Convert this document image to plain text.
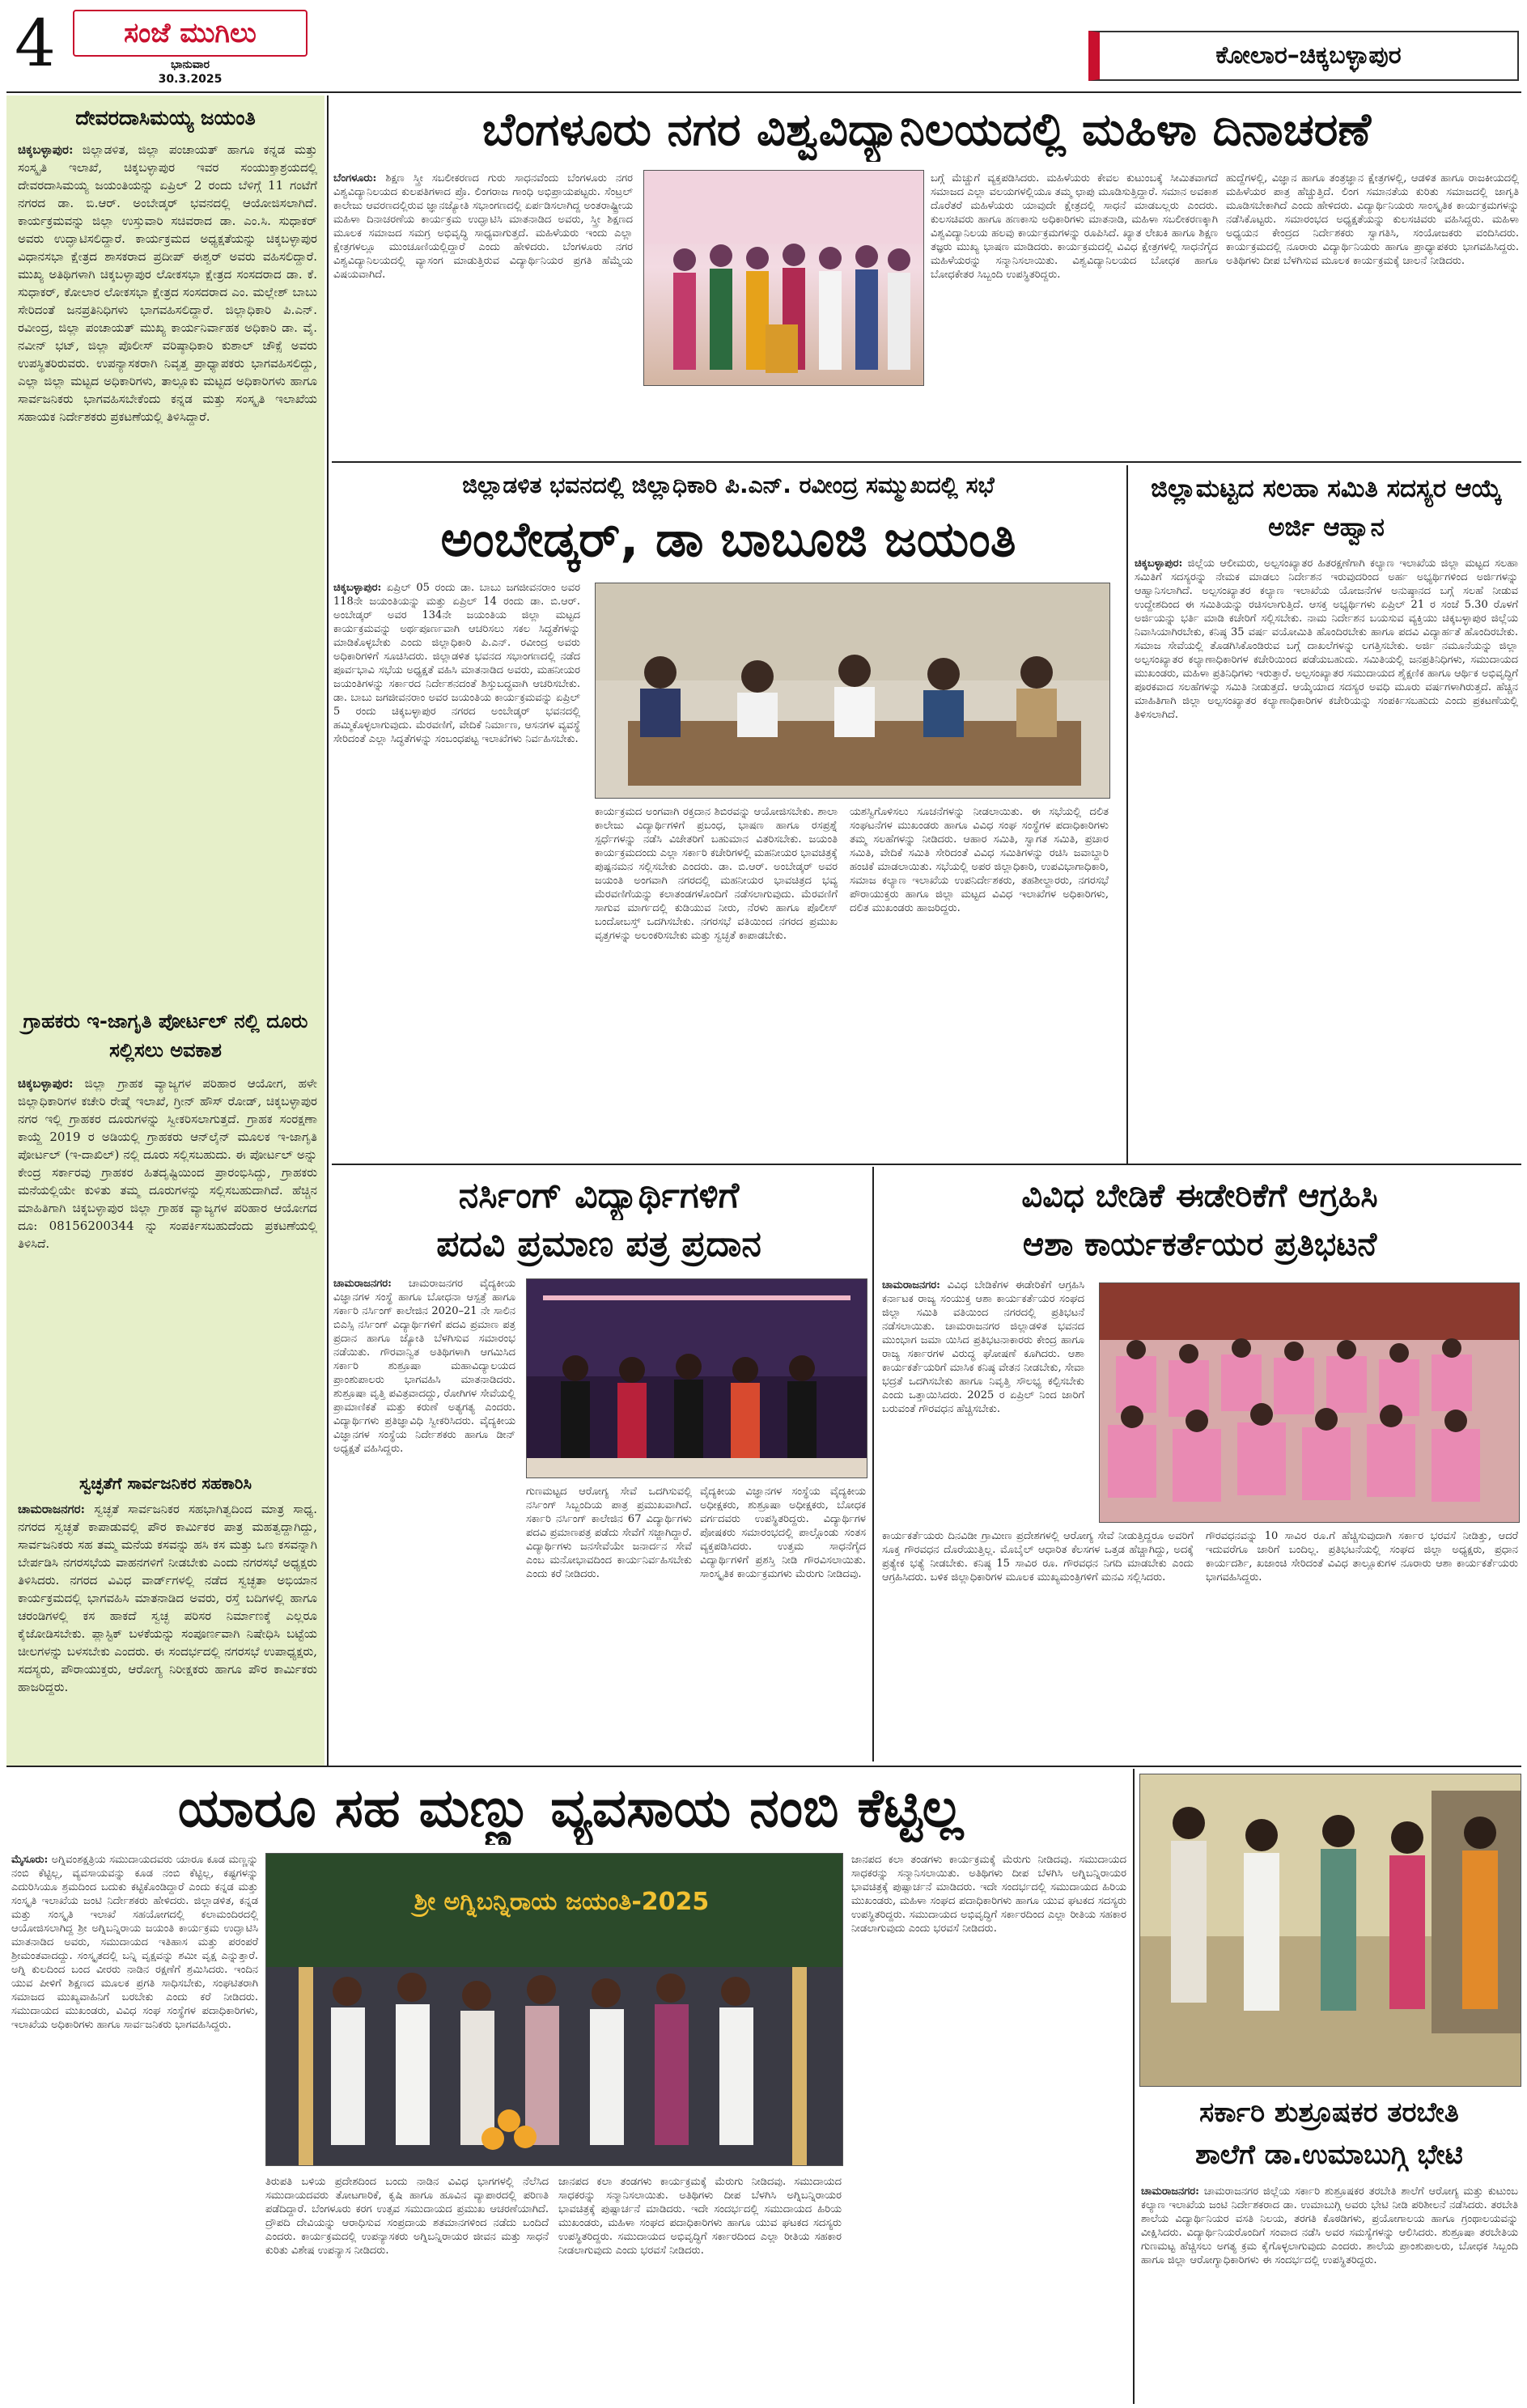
4	ಸಂಜೆ ಮುಗಿಲು
ಭಾನುವಾರ
30.3.2025
ಕೋಲಾರ–ಚಿಕ್ಕಬಳ್ಳಾಪುರ
ದೇವರದಾಸಿಮಯ್ಯ ಜಯಂತಿ
ಚಿಕ್ಕಬಳ್ಳಾಪುರ: ಜಿಲ್ಲಾಡಳಿತ, ಜಿಲ್ಲಾ ಪಂಚಾಯತ್ ಹಾಗೂ ಕನ್ನಡ ಮತ್ತು ಸಂಸ್ಕೃತಿ ಇಲಾಖೆ, ಚಿಕ್ಕಬಳ್ಳಾಪುರ ಇವರ ಸಂಯುಕ್ತಾಶ್ರಯದಲ್ಲಿ ದೇವರದಾಸಿಮಯ್ಯ ಜಯಂತಿಯನ್ನು ಏಪ್ರಿಲ್ 2 ರಂದು ಬೆಳಿಗ್ಗೆ 11 ಗಂಟೆಗೆ ನಗರದ ಡಾ. ಬಿ.ಆರ್. ಅಂಬೇಡ್ಕರ್ ಭವನದಲ್ಲಿ ಆಯೋಜಿಸಲಾಗಿದೆ. ಕಾರ್ಯಕ್ರಮವನ್ನು ಜಿಲ್ಲಾ ಉಸ್ತುವಾರಿ ಸಚಿವರಾದ ಡಾ. ಎಂ.ಸಿ. ಸುಧಾಕರ್ ಅವರು ಉದ್ಘಾಟಿಸಲಿದ್ದಾರೆ. ಕಾರ್ಯಕ್ರಮದ ಅಧ್ಯಕ್ಷತೆಯನ್ನು ಚಿಕ್ಕಬಳ್ಳಾಪುರ ವಿಧಾನಸಭಾ ಕ್ಷೇತ್ರದ ಶಾಸಕರಾದ ಪ್ರದೀಪ್ ಈಶ್ವರ್ ಅವರು ವಹಿಸಲಿದ್ದಾರೆ. ಮುಖ್ಯ ಅತಿಥಿಗಳಾಗಿ ಚಿಕ್ಕಬಳ್ಳಾಪುರ ಲೋಕಸಭಾ ಕ್ಷೇತ್ರದ ಸಂಸದರಾದ ಡಾ. ಕೆ. ಸುಧಾಕರ್, ಕೋಲಾರ ಲೋಕಸಭಾ ಕ್ಷೇತ್ರದ ಸಂಸದರಾದ ಎಂ. ಮಲ್ಲೇಶ್ ಬಾಬು ಸೇರಿದಂತೆ ಜನಪ್ರತಿನಿಧಿಗಳು ಭಾಗವಹಿಸಲಿದ್ದಾರೆ. ಜಿಲ್ಲಾಧಿಕಾರಿ ಪಿ.ಎನ್. ರವೀಂದ್ರ, ಜಿಲ್ಲಾ ಪಂಚಾಯತ್ ಮುಖ್ಯ ಕಾರ್ಯನಿರ್ವಾಹಕ ಅಧಿಕಾರಿ ಡಾ. ವೈ. ನವೀನ್ ಭಟ್, ಜಿಲ್ಲಾ ಪೊಲೀಸ್ ವರಿಷ್ಠಾಧಿಕಾರಿ ಕುಶಾಲ್ ಚೌಕ್ಸೆ ಅವರು ಉಪಸ್ಥಿತರಿರುವರು. ಉಪನ್ಯಾಸಕರಾಗಿ ನಿವೃತ್ತ ಪ್ರಾಧ್ಯಾಪಕರು ಭಾಗವಹಿಸಲಿದ್ದು, ಎಲ್ಲಾ ಜಿಲ್ಲಾ ಮಟ್ಟದ ಅಧಿಕಾರಿಗಳು, ತಾಲ್ಲೂಕು ಮಟ್ಟದ ಅಧಿಕಾರಿಗಳು ಹಾಗೂ ಸಾರ್ವಜನಿಕರು ಭಾಗವಹಿಸಬೇಕೆಂದು ಕನ್ನಡ ಮತ್ತು ಸಂಸ್ಕೃತಿ ಇಲಾಖೆಯ ಸಹಾಯಕ ನಿರ್ದೇಶಕರು ಪ್ರಕಟಣೆಯಲ್ಲಿ ತಿಳಿಸಿದ್ದಾರೆ.
ಗ್ರಾಹಕರು ಇ-ಜಾಗೃತಿ ಪೋರ್ಟಲ್ ನಲ್ಲಿ ದೂರು ಸಲ್ಲಿಸಲು ಅವಕಾಶ
ಚಿಕ್ಕಬಳ್ಳಾಪುರ: ಜಿಲ್ಲಾ ಗ್ರಾಹಕ ವ್ಯಾಜ್ಯಗಳ ಪರಿಹಾರ ಆಯೋಗ, ಹಳೇ ಜಿಲ್ಲಾಧಿಕಾರಿಗಳ ಕಚೇರಿ ರೇಷ್ಮೆ ಇಲಾಖೆ, ಗ್ರೀನ್ ಹೌಸ್ ರೋಡ್, ಚಿಕ್ಕಬಳ್ಳಾಪುರ ನಗರ ಇಲ್ಲಿ ಗ್ರಾಹಕರ ದೂರುಗಳನ್ನು ಸ್ವೀಕರಿಸಲಾಗುತ್ತದೆ. ಗ್ರಾಹಕ ಸಂರಕ್ಷಣಾ ಕಾಯ್ದೆ 2019 ರ ಅಡಿಯಲ್ಲಿ ಗ್ರಾಹಕರು ಆನ್‌ಲೈನ್ ಮೂಲಕ ಇ-ಜಾಗೃತಿ ಪೋರ್ಟಲ್ (ಇ-ದಾಖಿಲ್) ನಲ್ಲಿ ದೂರು ಸಲ್ಲಿಸಬಹುದು. ಈ ಪೋರ್ಟಲ್ ಅನ್ನು ಕೇಂದ್ರ ಸರ್ಕಾರವು ಗ್ರಾಹಕರ ಹಿತದೃಷ್ಟಿಯಿಂದ ಪ್ರಾರಂಭಿಸಿದ್ದು, ಗ್ರಾಹಕರು ಮನೆಯಲ್ಲಿಯೇ ಕುಳಿತು ತಮ್ಮ ದೂರುಗಳನ್ನು ಸಲ್ಲಿಸಬಹುದಾಗಿದೆ. ಹೆಚ್ಚಿನ ಮಾಹಿತಿಗಾಗಿ ಚಿಕ್ಕಬಳ್ಳಾಪುರ ಜಿಲ್ಲಾ ಗ್ರಾಹಕ ವ್ಯಾಜ್ಯಗಳ ಪರಿಹಾರ ಆಯೋಗದ ದೂ: 08156200344 ನ್ನು ಸಂಪರ್ಕಿಸಬಹುದೆಂದು ಪ್ರಕಟಣೆಯಲ್ಲಿ ತಿಳಿಸಿದೆ.
ಸ್ವಚ್ಛತೆಗೆ ಸಾರ್ವಜನಿಕರ ಸಹಕಾರಿಸಿ
ಚಾಮರಾಜನಗರ: ಸ್ವಚ್ಛತೆ ಸಾರ್ವಜನಿಕರ ಸಹಭಾಗಿತ್ವದಿಂದ ಮಾತ್ರ ಸಾಧ್ಯ. ನಗರದ ಸ್ವಚ್ಛತೆ ಕಾಪಾಡುವಲ್ಲಿ ಪೌರ ಕಾರ್ಮಿಕರ ಪಾತ್ರ ಮಹತ್ವದ್ದಾಗಿದ್ದು, ಸಾರ್ವಜನಿಕರು ಸಹ ತಮ್ಮ ಮನೆಯ ಕಸವನ್ನು ಹಸಿ ಕಸ ಮತ್ತು ಒಣ ಕಸವನ್ನಾಗಿ ಬೇರ್ಪಡಿಸಿ ನಗರಸಭೆಯ ವಾಹನಗಳಿಗೆ ನೀಡಬೇಕು ಎಂದು ನಗರಸಭೆ ಅಧ್ಯಕ್ಷರು ತಿಳಿಸಿದರು. ನಗರದ ವಿವಿಧ ವಾರ್ಡ್‌ಗಳಲ್ಲಿ ನಡೆದ ಸ್ವಚ್ಛತಾ ಅಭಿಯಾನ ಕಾರ್ಯಕ್ರಮದಲ್ಲಿ ಭಾಗವಹಿಸಿ ಮಾತನಾಡಿದ ಅವರು, ರಸ್ತೆ ಬದಿಗಳಲ್ಲಿ ಹಾಗೂ ಚರಂಡಿಗಳಲ್ಲಿ ಕಸ ಹಾಕದೆ ಸ್ವಚ್ಛ ಪರಿಸರ ನಿರ್ಮಾಣಕ್ಕೆ ಎಲ್ಲರೂ ಕೈಜೋಡಿಸಬೇಕು. ಪ್ಲಾಸ್ಟಿಕ್ ಬಳಕೆಯನ್ನು ಸಂಪೂರ್ಣವಾಗಿ ನಿಷೇಧಿಸಿ ಬಟ್ಟೆಯ ಚೀಲಗಳನ್ನು ಬಳಸಬೇಕು ಎಂದರು. ಈ ಸಂದರ್ಭದಲ್ಲಿ ನಗರಸಭೆ ಉಪಾಧ್ಯಕ್ಷರು, ಸದಸ್ಯರು, ಪೌರಾಯುಕ್ತರು, ಆರೋಗ್ಯ ನಿರೀಕ್ಷಕರು ಹಾಗೂ ಪೌರ ಕಾರ್ಮಿಕರು ಹಾಜರಿದ್ದರು.
ಬೆಂಗಳೂರು ನಗರ ವಿಶ್ವವಿದ್ಯಾನಿಲಯದಲ್ಲಿ ಮಹಿಳಾ ದಿನಾಚರಣೆ
ಬೆಂಗಳೂರು: ಶಿಕ್ಷಣ ಸ್ತ್ರೀ ಸಬಲೀಕರಣದ ಗುರು ಸಾಧನವೆಂದು ಬೆಂಗಳೂರು ನಗರ ವಿಶ್ವವಿದ್ಯಾನಿಲಯದ ಕುಲಪತಿಗಳಾದ ಪ್ರೊ. ಲಿಂಗರಾಜ ಗಾಂಧಿ ಅಭಿಪ್ರಾಯಪಟ್ಟರು. ಸೆಂಟ್ರಲ್ ಕಾಲೇಜು ಆವರಣದಲ್ಲಿರುವ ಜ್ಞಾನಜ್ಯೋತಿ ಸಭಾಂಗಣದಲ್ಲಿ ಏರ್ಪಡಿಸಲಾಗಿದ್ದ ಅಂತರಾಷ್ಟ್ರೀಯ ಮಹಿಳಾ ದಿನಾಚರಣೆಯ ಕಾರ್ಯಕ್ರಮ ಉದ್ಘಾಟಿಸಿ ಮಾತನಾಡಿದ ಅವರು, ಸ್ತ್ರೀ ಶಿಕ್ಷಣದ ಮೂಲಕ ಸಮಾಜದ ಸಮಗ್ರ ಅಭಿವೃದ್ಧಿ ಸಾಧ್ಯವಾಗುತ್ತದೆ. ಮಹಿಳೆಯರು ಇಂದು ಎಲ್ಲಾ ಕ್ಷೇತ್ರಗಳಲ್ಲೂ ಮುಂಚೂಣಿಯಲ್ಲಿದ್ದಾರೆ ಎಂದು ಹೇಳಿದರು. ಬೆಂಗಳೂರು ನಗರ ವಿಶ್ವವಿದ್ಯಾನಿಲಯದಲ್ಲಿ ವ್ಯಾಸಂಗ ಮಾಡುತ್ತಿರುವ ವಿದ್ಯಾರ್ಥಿನಿಯರ ಪ್ರಗತಿ ಹೆಮ್ಮೆಯ ವಿಷಯವಾಗಿದೆ.
ಬಗ್ಗೆ ಮೆಚ್ಚುಗೆ ವ್ಯಕ್ತಪಡಿಸಿದರು. ಮಹಿಳೆಯರು ಕೇವಲ ಕುಟುಂಬಕ್ಕೆ ಸೀಮಿತವಾಗದೆ ಸಮಾಜದ ಎಲ್ಲಾ ವಲಯಗಳಲ್ಲಿಯೂ ತಮ್ಮ ಛಾಪು ಮೂಡಿಸುತ್ತಿದ್ದಾರೆ. ಸಮಾನ ಅವಕಾಶ ದೊರೆತರೆ ಮಹಿಳೆಯರು ಯಾವುದೇ ಕ್ಷೇತ್ರದಲ್ಲಿ ಸಾಧನೆ ಮಾಡಬಲ್ಲರು ಎಂದರು. ಕುಲಸಚಿವರು ಹಾಗೂ ಹಣಕಾಸು ಅಧಿಕಾರಿಗಳು ಮಾತನಾಡಿ, ಮಹಿಳಾ ಸಬಲೀಕರಣಕ್ಕಾಗಿ ವಿಶ್ವವಿದ್ಯಾನಿಲಯ ಹಲವು ಕಾರ್ಯಕ್ರಮಗಳನ್ನು ರೂಪಿಸಿದೆ. ಖ್ಯಾತ ಲೇಖಕಿ ಹಾಗೂ ಶಿಕ್ಷಣ ತಜ್ಞರು ಮುಖ್ಯ ಭಾಷಣ ಮಾಡಿದರು. ಕಾರ್ಯಕ್ರಮದಲ್ಲಿ ವಿವಿಧ ಕ್ಷೇತ್ರಗಳಲ್ಲಿ ಸಾಧನೆಗೈದ ಮಹಿಳೆಯರನ್ನು ಸನ್ಮಾನಿಸಲಾಯಿತು. ವಿಶ್ವವಿದ್ಯಾನಿಲಯದ ಬೋಧಕ ಹಾಗೂ ಬೋಧಕೇತರ ಸಿಬ್ಬಂದಿ ಉಪಸ್ಥಿತರಿದ್ದರು.
ಹುದ್ದೆಗಳಲ್ಲಿ, ವಿಜ್ಞಾನ ಹಾಗೂ ತಂತ್ರಜ್ಞಾನ ಕ್ಷೇತ್ರಗಳಲ್ಲಿ, ಆಡಳಿತ ಹಾಗೂ ರಾಜಕೀಯದಲ್ಲಿ ಮಹಿಳೆಯರ ಪಾತ್ರ ಹೆಚ್ಚುತ್ತಿದೆ. ಲಿಂಗ ಸಮಾನತೆಯ ಕುರಿತು ಸಮಾಜದಲ್ಲಿ ಜಾಗೃತಿ ಮೂಡಿಸಬೇಕಾಗಿದೆ ಎಂದು ಹೇಳಿದರು. ವಿದ್ಯಾರ್ಥಿನಿಯರು ಸಾಂಸ್ಕೃತಿಕ ಕಾರ್ಯಕ್ರಮಗಳನ್ನು ನಡೆಸಿಕೊಟ್ಟರು. ಸಮಾರಂಭದ ಅಧ್ಯಕ್ಷತೆಯನ್ನು ಕುಲಸಚಿವರು ವಹಿಸಿದ್ದರು. ಮಹಿಳಾ ಅಧ್ಯಯನ ಕೇಂದ್ರದ ನಿರ್ದೇಶಕರು ಸ್ವಾಗತಿಸಿ, ಸಂಯೋಜಕರು ವಂದಿಸಿದರು. ಕಾರ್ಯಕ್ರಮದಲ್ಲಿ ನೂರಾರು ವಿದ್ಯಾರ್ಥಿನಿಯರು ಹಾಗೂ ಪ್ರಾಧ್ಯಾಪಕರು ಭಾಗವಹಿಸಿದ್ದರು. ಅತಿಥಿಗಳು ದೀಪ ಬೆಳಗಿಸುವ ಮೂಲಕ ಕಾರ್ಯಕ್ರಮಕ್ಕೆ ಚಾಲನೆ ನೀಡಿದರು.
ಜಿಲ್ಲಾಡಳಿತ ಭವನದಲ್ಲಿ ಜಿಲ್ಲಾಧಿಕಾರಿ ಪಿ.ಎನ್. ರವೀಂದ್ರ ಸಮ್ಮುಖದಲ್ಲಿ ಸಭೆ
ಅಂಬೇಡ್ಕರ್, ಡಾ ಬಾಬೂಜಿ ಜಯಂತಿ
ಚಿಕ್ಕಬಳ್ಳಾಪುರ: ಏಪ್ರಿಲ್ 05 ರಂದು ಡಾ. ಬಾಬು ಜಗಜೀವನರಾಂ ಅವರ 118ನೇ ಜಯಂತಿಯನ್ನು ಮತ್ತು ಏಪ್ರಿಲ್ 14 ರಂದು ಡಾ. ಬಿ.ಆರ್. ಅಂಬೇಡ್ಕರ್ ಅವರ 134ನೇ ಜಯಂತಿಯ ಜಿಲ್ಲಾ ಮಟ್ಟದ ಕಾರ್ಯಕ್ರಮವನ್ನು ಅರ್ಥಪೂರ್ಣವಾಗಿ ಆಚರಿಸಲು ಸಕಲ ಸಿದ್ಧತೆಗಳನ್ನು ಮಾಡಿಕೊಳ್ಳಬೇಕು ಎಂದು ಜಿಲ್ಲಾಧಿಕಾರಿ ಪಿ.ಎನ್. ರವೀಂದ್ರ ಅವರು ಅಧಿಕಾರಿಗಳಿಗೆ ಸೂಚಿಸಿದರು. ಜಿಲ್ಲಾಡಳಿತ ಭವನದ ಸಭಾಂಗಣದಲ್ಲಿ ನಡೆದ ಪೂರ್ವಭಾವಿ ಸಭೆಯ ಅಧ್ಯಕ್ಷತೆ ವಹಿಸಿ ಮಾತನಾಡಿದ ಅವರು, ಮಹನೀಯರ ಜಯಂತಿಗಳನ್ನು ಸರ್ಕಾರದ ನಿರ್ದೇಶನದಂತೆ ಶಿಸ್ತುಬದ್ಧವಾಗಿ ಆಚರಿಸಬೇಕು. ಡಾ. ಬಾಬು ಜಗಜೀವನರಾಂ ಅವರ ಜಯಂತಿಯ ಕಾರ್ಯಕ್ರಮವನ್ನು ಏಪ್ರಿಲ್ 5 ರಂದು ಚಿಕ್ಕಬಳ್ಳಾಪುರ ನಗರದ ಅಂಬೇಡ್ಕರ್ ಭವನದಲ್ಲಿ ಹಮ್ಮಿಕೊಳ್ಳಲಾಗುವುದು. ಮೆರವಣಿಗೆ, ವೇದಿಕೆ ನಿರ್ಮಾಣ, ಆಸನಗಳ ವ್ಯವಸ್ಥೆ ಸೇರಿದಂತೆ ಎಲ್ಲಾ ಸಿದ್ಧತೆಗಳನ್ನು ಸಂಬಂಧಪಟ್ಟ ಇಲಾಖೆಗಳು ನಿರ್ವಹಿಸಬೇಕು.
ಕಾರ್ಯಕ್ರಮದ ಅಂಗವಾಗಿ ರಕ್ತದಾನ ಶಿಬಿರವನ್ನು ಆಯೋಜಿಸಬೇಕು. ಶಾಲಾ ಕಾಲೇಜು ವಿದ್ಯಾರ್ಥಿಗಳಿಗೆ ಪ್ರಬಂಧ, ಭಾಷಣ ಹಾಗೂ ರಸಪ್ರಶ್ನೆ ಸ್ಪರ್ಧೆಗಳನ್ನು ನಡೆಸಿ ವಿಜೇತರಿಗೆ ಬಹುಮಾನ ವಿತರಿಸಬೇಕು. ಜಯಂತಿ ಕಾರ್ಯಕ್ರಮದಂದು ಎಲ್ಲಾ ಸರ್ಕಾರಿ ಕಚೇರಿಗಳಲ್ಲಿ ಮಹನೀಯರ ಭಾವಚಿತ್ರಕ್ಕೆ ಪುಷ್ಪನಮನ ಸಲ್ಲಿಸಬೇಕು ಎಂದರು. ಡಾ. ಬಿ.ಆರ್. ಅಂಬೇಡ್ಕರ್ ಅವರ ಜಯಂತಿ ಅಂಗವಾಗಿ ನಗರದಲ್ಲಿ ಮಹನೀಯರ ಭಾವಚಿತ್ರದ ಭವ್ಯ ಮೆರವಣಿಗೆಯನ್ನು ಕಲಾತಂಡಗಳೊಂದಿಗೆ ನಡೆಸಲಾಗುವುದು. ಮೆರವಣಿಗೆ ಸಾಗುವ ಮಾರ್ಗದಲ್ಲಿ ಕುಡಿಯುವ ನೀರು, ನೆರಳು ಹಾಗೂ ಪೊಲೀಸ್ ಬಂದೋಬಸ್ತ್ ಒದಗಿಸಬೇಕು. ನಗರಸಭೆ ವತಿಯಿಂದ ನಗರದ ಪ್ರಮುಖ ವೃತ್ತಗಳನ್ನು ಅಲಂಕರಿಸಬೇಕು ಮತ್ತು ಸ್ವಚ್ಛತೆ ಕಾಪಾಡಬೇಕು.
ಯಶಸ್ವಿಗೊಳಿಸಲು ಸೂಚನೆಗಳನ್ನು ನೀಡಲಾಯಿತು. ಈ ಸಭೆಯಲ್ಲಿ ದಲಿತ ಸಂಘಟನೆಗಳ ಮುಖಂಡರು ಹಾಗೂ ವಿವಿಧ ಸಂಘ ಸಂಸ್ಥೆಗಳ ಪದಾಧಿಕಾರಿಗಳು ತಮ್ಮ ಸಲಹೆಗಳನ್ನು ನೀಡಿದರು. ಆಹಾರ ಸಮಿತಿ, ಸ್ವಾಗತ ಸಮಿತಿ, ಪ್ರಚಾರ ಸಮಿತಿ, ವೇದಿಕೆ ಸಮಿತಿ ಸೇರಿದಂತೆ ವಿವಿಧ ಸಮಿತಿಗಳನ್ನು ರಚಿಸಿ ಜವಾಬ್ದಾರಿ ಹಂಚಿಕೆ ಮಾಡಲಾಯಿತು. ಸಭೆಯಲ್ಲಿ ಅಪರ ಜಿಲ್ಲಾಧಿಕಾರಿ, ಉಪವಿಭಾಗಾಧಿಕಾರಿ, ಸಮಾಜ ಕಲ್ಯಾಣ ಇಲಾಖೆಯ ಉಪನಿರ್ದೇಶಕರು, ತಹಶೀಲ್ದಾರರು, ನಗರಸಭೆ ಪೌರಾಯುಕ್ತರು ಹಾಗೂ ಜಿಲ್ಲಾ ಮಟ್ಟದ ವಿವಿಧ ಇಲಾಖೆಗಳ ಅಧಿಕಾರಿಗಳು, ದಲಿತ ಮುಖಂಡರು ಹಾಜರಿದ್ದರು.
ಜಿಲ್ಲಾಮಟ್ಟದ ಸಲಹಾ ಸಮಿತಿ ಸದಸ್ಯರ ಆಯ್ಕೆ ಅರ್ಜಿ ಆಹ್ವಾನ
ಚಿಕ್ಕಬಳ್ಳಾಪುರ: ಜಿಲ್ಲೆಯ ಆಲೀಮರು, ಅಲ್ಪಸಂಖ್ಯಾತರ ಹಿತರಕ್ಷಣೆಗಾಗಿ ಕಲ್ಯಾಣ ಇಲಾಖೆಯ ಜಿಲ್ಲಾ ಮಟ್ಟದ ಸಲಹಾ ಸಮಿತಿಗೆ ಸದಸ್ಯರನ್ನು ನೇಮಕ ಮಾಡಲು ನಿರ್ದೇಶನ ಇರುವುದರಿಂದ ಅರ್ಹ ಅಭ್ಯರ್ಥಿಗಳಿಂದ ಅರ್ಜಿಗಳನ್ನು ಆಹ್ವಾನಿಸಲಾಗಿದೆ. ಅಲ್ಪಸಂಖ್ಯಾತರ ಕಲ್ಯಾಣ ಇಲಾಖೆಯ ಯೋಜನೆಗಳ ಅನುಷ್ಠಾನದ ಬಗ್ಗೆ ಸಲಹೆ ನೀಡುವ ಉದ್ದೇಶದಿಂದ ಈ ಸಮಿತಿಯನ್ನು ರಚಿಸಲಾಗುತ್ತಿದೆ. ಆಸಕ್ತ ಅಭ್ಯರ್ಥಿಗಳು ಏಪ್ರಿಲ್ 21 ರ ಸಂಜೆ 5.30 ರೊಳಗೆ ಅರ್ಜಿಯನ್ನು ಭರ್ತಿ ಮಾಡಿ ಕಚೇರಿಗೆ ಸಲ್ಲಿಸಬೇಕು. ನಾಮ ನಿರ್ದೇಶನ ಬಯಸುವ ವ್ಯಕ್ತಿಯು ಚಿಕ್ಕಬಳ್ಳಾಪುರ ಜಿಲ್ಲೆಯ ನಿವಾಸಿಯಾಗಿರಬೇಕು, ಕನಿಷ್ಠ 35 ವರ್ಷ ವಯೋಮಿತಿ ಹೊಂದಿರಬೇಕು ಹಾಗೂ ಪದವಿ ವಿದ್ಯಾರ್ಹತೆ ಹೊಂದಿರಬೇಕು. ಸಮಾಜ ಸೇವೆಯಲ್ಲಿ ತೊಡಗಿಸಿಕೊಂಡಿರುವ ಬಗ್ಗೆ ದಾಖಲೆಗಳನ್ನು ಲಗತ್ತಿಸಬೇಕು. ಅರ್ಜಿ ನಮೂನೆಯನ್ನು ಜಿಲ್ಲಾ ಅಲ್ಪಸಂಖ್ಯಾತರ ಕಲ್ಯಾಣಾಧಿಕಾರಿಗಳ ಕಚೇರಿಯಿಂದ ಪಡೆಯಬಹುದು. ಸಮಿತಿಯಲ್ಲಿ ಜನಪ್ರತಿನಿಧಿಗಳು, ಸಮುದಾಯದ ಮುಖಂಡರು, ಮಹಿಳಾ ಪ್ರತಿನಿಧಿಗಳು ಇರುತ್ತಾರೆ. ಅಲ್ಪಸಂಖ್ಯಾತರ ಸಮುದಾಯದ ಶೈಕ್ಷಣಿಕ ಹಾಗೂ ಆರ್ಥಿಕ ಅಭಿವೃದ್ಧಿಗೆ ಪೂರಕವಾದ ಸಲಹೆಗಳನ್ನು ಸಮಿತಿ ನೀಡುತ್ತದೆ. ಆಯ್ಕೆಯಾದ ಸದಸ್ಯರ ಅವಧಿ ಮೂರು ವರ್ಷಗಳಾಗಿರುತ್ತದೆ. ಹೆಚ್ಚಿನ ಮಾಹಿತಿಗಾಗಿ ಜಿಲ್ಲಾ ಅಲ್ಪಸಂಖ್ಯಾತರ ಕಲ್ಯಾಣಾಧಿಕಾರಿಗಳ ಕಚೇರಿಯನ್ನು ಸಂಪರ್ಕಿಸಬಹುದು ಎಂದು ಪ್ರಕಟಣೆಯಲ್ಲಿ ತಿಳಿಸಲಾಗಿದೆ.
ನರ್ಸಿಂಗ್ ವಿದ್ಯಾರ್ಥಿಗಳಿಗೆ
ಪದವಿ ಪ್ರಮಾಣ ಪತ್ರ ಪ್ರದಾನ
ಚಾಮರಾಜನಗರ: ಚಾಮರಾಜನಗರ ವೈದ್ಯಕೀಯ ವಿಜ್ಞಾನಗಳ ಸಂಸ್ಥೆ ಹಾಗೂ ಬೋಧನಾ ಆಸ್ಪತ್ರೆ ಹಾಗೂ ಸರ್ಕಾರಿ ನರ್ಸಿಂಗ್ ಕಾಲೇಜಿನ 2020–21 ನೇ ಸಾಲಿನ ಬಿಎಸ್ಸಿ ನರ್ಸಿಂಗ್ ವಿದ್ಯಾರ್ಥಿಗಳಿಗೆ ಪದವಿ ಪ್ರಮಾಣ ಪತ್ರ ಪ್ರದಾನ ಹಾಗೂ ಜ್ಯೋತಿ ಬೆಳಗಿಸುವ ಸಮಾರಂಭ ನಡೆಯಿತು. ಗೌರವಾನ್ವಿತ ಅತಿಥಿಗಳಾಗಿ ಆಗಮಿಸಿದ ಸರ್ಕಾರಿ ಶುಶ್ರೂಷಾ ಮಹಾವಿದ್ಯಾಲಯದ ಪ್ರಾಂಶುಪಾಲರು ಭಾಗವಹಿಸಿ ಮಾತನಾಡಿದರು. ಶುಶ್ರೂಷಾ ವೃತ್ತಿ ಪವಿತ್ರವಾದದ್ದು, ರೋಗಿಗಳ ಸೇವೆಯಲ್ಲಿ ಪ್ರಾಮಾಣಿಕತೆ ಮತ್ತು ಕರುಣೆ ಅತ್ಯಗತ್ಯ ಎಂದರು. ವಿದ್ಯಾರ್ಥಿಗಳು ಪ್ರತಿಜ್ಞಾವಿಧಿ ಸ್ವೀಕರಿಸಿದರು. ವೈದ್ಯಕೀಯ ವಿಜ್ಞಾನಗಳ ಸಂಸ್ಥೆಯ ನಿರ್ದೇಶಕರು ಹಾಗೂ ಡೀನ್ ಅಧ್ಯಕ್ಷತೆ ವಹಿಸಿದ್ದರು.
ಗುಣಮಟ್ಟದ ಆರೋಗ್ಯ ಸೇವೆ ಒದಗಿಸುವಲ್ಲಿ ನರ್ಸಿಂಗ್ ಸಿಬ್ಬಂದಿಯ ಪಾತ್ರ ಪ್ರಮುಖವಾಗಿದೆ. ಸರ್ಕಾರಿ ನರ್ಸಿಂಗ್ ಕಾಲೇಜಿನ 67 ವಿದ್ಯಾರ್ಥಿಗಳು ಪದವಿ ಪ್ರಮಾಣಪತ್ರ ಪಡೆದು ಸೇವೆಗೆ ಸಜ್ಜಾಗಿದ್ದಾರೆ. ವಿದ್ಯಾರ್ಥಿಗಳು ಜನಸೇವೆಯೇ ಜನಾರ್ದನ ಸೇವೆ ಎಂಬ ಮನೋಭಾವದಿಂದ ಕಾರ್ಯನಿರ್ವಹಿಸಬೇಕು ಎಂದು ಕರೆ ನೀಡಿದರು.
ವೈದ್ಯಕೀಯ ವಿಜ್ಞಾನಗಳ ಸಂಸ್ಥೆಯ ವೈದ್ಯಕೀಯ ಅಧೀಕ್ಷಕರು, ಶುಶ್ರೂಷಾ ಅಧೀಕ್ಷಕರು, ಬೋಧಕ ವರ್ಗದವರು ಉಪಸ್ಥಿತರಿದ್ದರು. ವಿದ್ಯಾರ್ಥಿಗಳ ಪೋಷಕರು ಸಮಾರಂಭದಲ್ಲಿ ಪಾಲ್ಗೊಂಡು ಸಂತಸ ವ್ಯಕ್ತಪಡಿಸಿದರು. ಉತ್ತಮ ಸಾಧನೆಗೈದ ವಿದ್ಯಾರ್ಥಿಗಳಿಗೆ ಪ್ರಶಸ್ತಿ ನೀಡಿ ಗೌರವಿಸಲಾಯಿತು. ಸಾಂಸ್ಕೃತಿಕ ಕಾರ್ಯಕ್ರಮಗಳು ಮೆರುಗು ನೀಡಿದವು.
ವಿವಿಧ ಬೇಡಿಕೆ ಈಡೇರಿಕೆಗೆ ಆಗ್ರಹಿಸಿ
ಆಶಾ ಕಾರ್ಯಕರ್ತೆಯರ ಪ್ರತಿಭಟನೆ
ಚಾಮರಾಜನಗರ: ವಿವಿಧ ಬೇಡಿಕೆಗಳ ಈಡೇರಿಕೆಗೆ ಆಗ್ರಹಿಸಿ ಕರ್ನಾಟಕ ರಾಜ್ಯ ಸಂಯುಕ್ತ ಆಶಾ ಕಾರ್ಯಕರ್ತೆಯರ ಸಂಘದ ಜಿಲ್ಲಾ ಸಮಿತಿ ವತಿಯಿಂದ ನಗರದಲ್ಲಿ ಪ್ರತಿಭಟನೆ ನಡೆಸಲಾಯಿತು. ಚಾಮರಾಜನಗರ ಜಿಲ್ಲಾಡಳಿತ ಭವನದ ಮುಂಭಾಗ ಜಮಾ ಯಿಸಿದ ಪ್ರತಿಭಟನಾಕಾರರು ಕೇಂದ್ರ ಹಾಗೂ ರಾಜ್ಯ ಸರ್ಕಾರಗಳ ವಿರುದ್ಧ ಘೋಷಣೆ ಕೂಗಿದರು. ಆಶಾ ಕಾರ್ಯಕರ್ತೆಯರಿಗೆ ಮಾಸಿಕ ಕನಿಷ್ಠ ವೇತನ ನೀಡಬೇಕು, ಸೇವಾ ಭದ್ರತೆ ಒದಗಿಸಬೇಕು ಹಾಗೂ ನಿವೃತ್ತಿ ಸೌಲಭ್ಯ ಕಲ್ಪಿಸಬೇಕು ಎಂದು ಒತ್ತಾಯಿಸಿದರು. 2025 ರ ಏಪ್ರಿಲ್ ನಿಂದ ಜಾರಿಗೆ ಬರುವಂತೆ ಗೌರವಧನ ಹೆಚ್ಚಿಸಬೇಕು.
ಕಾರ್ಯಕರ್ತೆಯರು ದಿನವಿಡೀ ಗ್ರಾಮೀಣ ಪ್ರದೇಶಗಳಲ್ಲಿ ಆರೋಗ್ಯ ಸೇವೆ ನೀಡುತ್ತಿದ್ದರೂ ಅವರಿಗೆ ಸೂಕ್ತ ಗೌರವಧನ ದೊರೆಯುತ್ತಿಲ್ಲ. ಮೊಬೈಲ್ ಆಧಾರಿತ ಕೆಲಸಗಳ ಒತ್ತಡ ಹೆಚ್ಚಾಗಿದ್ದು, ಅದಕ್ಕೆ ಪ್ರತ್ಯೇಕ ಭತ್ಯೆ ನೀಡಬೇಕು. ಕನಿಷ್ಠ 15 ಸಾವಿರ ರೂ. ಗೌರವಧನ ನಿಗದಿ ಮಾಡಬೇಕು ಎಂದು ಆಗ್ರಹಿಸಿದರು. ಬಳಿಕ ಜಿಲ್ಲಾಧಿಕಾರಿಗಳ ಮೂಲಕ ಮುಖ್ಯಮಂತ್ರಿಗಳಿಗೆ ಮನವಿ ಸಲ್ಲಿಸಿದರು.
ಗೌರವಧನವನ್ನು 10 ಸಾವಿರ ರೂ.ಗೆ ಹೆಚ್ಚಿಸುವುದಾಗಿ ಸರ್ಕಾರ ಭರವಸೆ ನೀಡಿತ್ತು, ಆದರೆ ಇದುವರೆಗೂ ಜಾರಿಗೆ ಬಂದಿಲ್ಲ. ಪ್ರತಿಭಟನೆಯಲ್ಲಿ ಸಂಘದ ಜಿಲ್ಲಾ ಅಧ್ಯಕ್ಷರು, ಪ್ರಧಾನ ಕಾರ್ಯದರ್ಶಿ, ಖಜಾಂಚಿ ಸೇರಿದಂತೆ ವಿವಿಧ ತಾಲ್ಲೂಕುಗಳ ನೂರಾರು ಆಶಾ ಕಾರ್ಯಕರ್ತೆಯರು ಭಾಗವಹಿಸಿದ್ದರು.
ಯಾರೂ ಸಹ ಮಣ್ಣು ವ್ಯವಸಾಯ ನಂಬಿ ಕೆಟ್ಟಿಲ್ಲ
ಮೈಸೂರು: ಅಗ್ನಿವಂಶಕ್ಷತ್ರಿಯ ಸಮುದಾಯದವರು ಯಾರೂ ಕೂಡ ಮಣ್ಣನ್ನು ನಂಬಿ ಕೆಟ್ಟಿಲ್ಲ, ವ್ಯವಸಾಯವನ್ನು ಕೂಡ ನಂಬಿ ಕೆಟ್ಟಿಲ್ಲ, ಕಷ್ಟಗಳನ್ನು ಎದುರಿಸಿಯೂ ಶ್ರಮದಿಂದ ಬದುಕು ಕಟ್ಟಿಕೊಂಡಿದ್ದಾರೆ ಎಂದು ಕನ್ನಡ ಮತ್ತು ಸಂಸ್ಕೃತಿ ಇಲಾಖೆಯ ಜಂಟಿ ನಿರ್ದೇಶಕರು ಹೇಳಿದರು. ಜಿಲ್ಲಾಡಳಿತ, ಕನ್ನಡ ಮತ್ತು ಸಂಸ್ಕೃತಿ ಇಲಾಖೆ ಸಹಯೋಗದಲ್ಲಿ ಕಲಾಮಂದಿರದಲ್ಲಿ ಆಯೋಜಿಸಲಾಗಿದ್ದ ಶ್ರೀ ಅಗ್ನಿಬನ್ನಿರಾಯ ಜಯಂತಿ ಕಾರ್ಯಕ್ರಮ ಉದ್ಘಾಟಿಸಿ ಮಾತನಾಡಿದ ಅವರು, ಸಮುದಾಯದ ಇತಿಹಾಸ ಮತ್ತು ಪರಂಪರೆ ಶ್ರೀಮಂತವಾದದ್ದು. ಸಂಸ್ಕೃತದಲ್ಲಿ ಬನ್ನಿ ವೃಕ್ಷವನ್ನು ಶಮೀ ವೃಕ್ಷ ಎನ್ನುತ್ತಾರೆ. ಅಗ್ನಿ ಕುಲದಿಂದ ಬಂದ ವೀರರು ನಾಡಿನ ರಕ್ಷಣೆಗೆ ಶ್ರಮಿಸಿದರು. ಇಂದಿನ ಯುವ ಪೀಳಿಗೆ ಶಿಕ್ಷಣದ ಮೂಲಕ ಪ್ರಗತಿ ಸಾಧಿಸಬೇಕು, ಸಂಘಟಿತರಾಗಿ ಸಮಾಜದ ಮುಖ್ಯವಾಹಿನಿಗೆ ಬರಬೇಕು ಎಂದು ಕರೆ ನೀಡಿದರು. ಸಮುದಾಯದ ಮುಖಂಡರು, ವಿವಿಧ ಸಂಘ ಸಂಸ್ಥೆಗಳ ಪದಾಧಿಕಾರಿಗಳು, ಇಲಾಖೆಯ ಅಧಿಕಾರಿಗಳು ಹಾಗೂ ಸಾರ್ವಜನಿಕರು ಭಾಗವಹಿಸಿದ್ದರು.
ಶ್ರೀ ಅಗ್ನಿಬನ್ನಿರಾಯ ಜಯಂತಿ-2025
ತಿರುಪತಿ ಬಳಿಯ ಪ್ರದೇಶದಿಂದ ಬಂದು ನಾಡಿನ ವಿವಿಧ ಭಾಗಗಳಲ್ಲಿ ನೆಲೆಸಿದ ಸಮುದಾಯದವರು ತೋಟಗಾರಿಕೆ, ಕೃಷಿ ಹಾಗೂ ಹೂವಿನ ವ್ಯಾಪಾರದಲ್ಲಿ ಪರಿಣತಿ ಪಡೆದಿದ್ದಾರೆ. ಬೆಂಗಳೂರು ಕರಗ ಉತ್ಸವ ಸಮುದಾಯದ ಪ್ರಮುಖ ಆಚರಣೆಯಾಗಿದೆ. ದ್ರೌಪದಿ ದೇವಿಯನ್ನು ಆರಾಧಿಸುವ ಸಂಪ್ರದಾಯ ಶತಮಾನಗಳಿಂದ ನಡೆದು ಬಂದಿದೆ ಎಂದರು. ಕಾರ್ಯಕ್ರಮದಲ್ಲಿ ಉಪನ್ಯಾಸಕರು ಅಗ್ನಿಬನ್ನಿರಾಯರ ಜೀವನ ಮತ್ತು ಸಾಧನೆ ಕುರಿತು ವಿಶೇಷ ಉಪನ್ಯಾಸ ನೀಡಿದರು.
ಜಾನಪದ ಕಲಾ ತಂಡಗಳು ಕಾರ್ಯಕ್ರಮಕ್ಕೆ ಮೆರುಗು ನೀಡಿದವು. ಸಮುದಾಯದ ಸಾಧಕರನ್ನು ಸನ್ಮಾನಿಸಲಾಯಿತು. ಅತಿಥಿಗಳು ದೀಪ ಬೆಳಗಿಸಿ ಅಗ್ನಿಬನ್ನಿರಾಯರ ಭಾವಚಿತ್ರಕ್ಕೆ ಪುಷ್ಪಾರ್ಚನೆ ಮಾಡಿದರು. ಇದೇ ಸಂದರ್ಭದಲ್ಲಿ ಸಮುದಾಯದ ಹಿರಿಯ ಮುಖಂಡರು, ಮಹಿಳಾ ಸಂಘದ ಪದಾಧಿಕಾರಿಗಳು ಹಾಗೂ ಯುವ ಘಟಕದ ಸದಸ್ಯರು ಉಪಸ್ಥಿತರಿದ್ದರು. ಸಮುದಾಯದ ಅಭಿವೃದ್ಧಿಗೆ ಸರ್ಕಾರದಿಂದ ಎಲ್ಲಾ ರೀತಿಯ ಸಹಕಾರ ನೀಡಲಾಗುವುದು ಎಂದು ಭರವಸೆ ನೀಡಿದರು.
ಜಾನಪದ ಕಲಾ ತಂಡಗಳು ಕಾರ್ಯಕ್ರಮಕ್ಕೆ ಮೆರುಗು ನೀಡಿದವು. ಸಮುದಾಯದ ಸಾಧಕರನ್ನು ಸನ್ಮಾನಿಸಲಾಯಿತು. ಅತಿಥಿಗಳು ದೀಪ ಬೆಳಗಿಸಿ ಅಗ್ನಿಬನ್ನಿರಾಯರ ಭಾವಚಿತ್ರಕ್ಕೆ ಪುಷ್ಪಾರ್ಚನೆ ಮಾಡಿದರು. ಇದೇ ಸಂದರ್ಭದಲ್ಲಿ ಸಮುದಾಯದ ಹಿರಿಯ ಮುಖಂಡರು, ಮಹಿಳಾ ಸಂಘದ ಪದಾಧಿಕಾರಿಗಳು ಹಾಗೂ ಯುವ ಘಟಕದ ಸದಸ್ಯರು ಉಪಸ್ಥಿತರಿದ್ದರು. ಸಮುದಾಯದ ಅಭಿವೃದ್ಧಿಗೆ ಸರ್ಕಾರದಿಂದ ಎಲ್ಲಾ ರೀತಿಯ ಸಹಕಾರ ನೀಡಲಾಗುವುದು ಎಂದು ಭರವಸೆ ನೀಡಿದರು.
ಸರ್ಕಾರಿ ಶುಶ್ರೂಷಕರ ತರಬೇತಿ
ಶಾಲೆಗೆ ಡಾ.ಉಮಾಬುಗ್ಗಿ ಭೇಟಿ
ಚಾಮರಾಜನಗರ: ಚಾಮರಾಜನಗರ ಜಿಲ್ಲೆಯ ಸರ್ಕಾರಿ ಶುಶ್ರೂಷಕರ ತರಬೇತಿ ಶಾಲೆಗೆ ಆರೋಗ್ಯ ಮತ್ತು ಕುಟುಂಬ ಕಲ್ಯಾಣ ಇಲಾಖೆಯ ಜಂಟಿ ನಿರ್ದೇಶಕರಾದ ಡಾ. ಉಮಾಬುಗ್ಗಿ ಅವರು ಭೇಟಿ ನೀಡಿ ಪರಿಶೀಲನೆ ನಡೆಸಿದರು. ತರಬೇತಿ ಶಾಲೆಯ ವಿದ್ಯಾರ್ಥಿನಿಯರ ವಸತಿ ನಿಲಯ, ತರಗತಿ ಕೊಠಡಿಗಳು, ಪ್ರಯೋಗಾಲಯ ಹಾಗೂ ಗ್ರಂಥಾಲಯವನ್ನು ವೀಕ್ಷಿಸಿದರು. ವಿದ್ಯಾರ್ಥಿನಿಯರೊಂದಿಗೆ ಸಂವಾದ ನಡೆಸಿ ಅವರ ಸಮಸ್ಯೆಗಳನ್ನು ಆಲಿಸಿದರು. ಶುಶ್ರೂಷಾ ತರಬೇತಿಯ ಗುಣಮಟ್ಟ ಹೆಚ್ಚಿಸಲು ಅಗತ್ಯ ಕ್ರಮ ಕೈಗೊಳ್ಳಲಾಗುವುದು ಎಂದರು. ಶಾಲೆಯ ಪ್ರಾಂಶುಪಾಲರು, ಬೋಧಕ ಸಿಬ್ಬಂದಿ ಹಾಗೂ ಜಿಲ್ಲಾ ಆರೋಗ್ಯಾಧಿಕಾರಿಗಳು ಈ ಸಂದರ್ಭದಲ್ಲಿ ಉಪಸ್ಥಿತರಿದ್ದರು.
